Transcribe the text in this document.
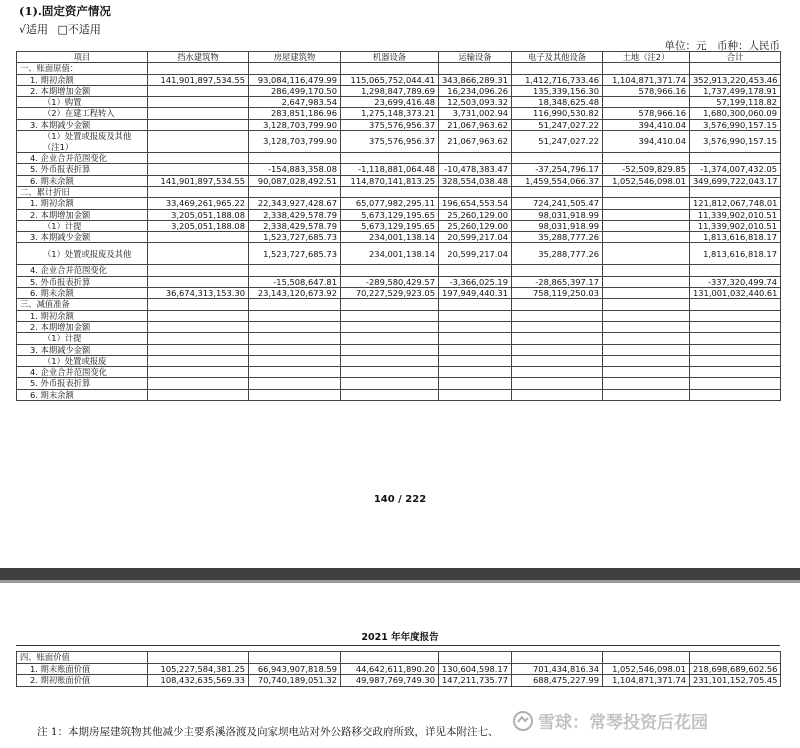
(1).固定资产情况
√适用 □不适用
单位：元　币种：人民币
项目	挡水建筑物	房屋建筑物	机器设备	运输设备	电子及其他设备	土地（注2）	合计
一、账面原值：							
1. 期初余额	141,901,897,534.55	93,084,116,479.99	115,065,752,044.41	343,866,289.31	1,412,716,733.46	1,104,871,371.74	352,913,220,453.46
2. 本期增加金额		286,499,170.50	1,298,847,789.69	16,234,096.26	135,339,156.30	578,966.16	1,737,499,178.91
（1）购置		2,647,983.54	23,699,416.48	12,503,093.32	18,348,625.48		57,199,118.82
（2）在建工程转入		283,851,186.96	1,275,148,373.21	3,731,002.94	116,990,530.82	578,966.16	1,680,300,060.09
3. 本期减少金额		3,128,703,799.90	375,576,956.37	21,067,963.62	51,247,027.22	394,410.04	3,576,990,157.15
（1）处置或报废及其他（注1）		3,128,703,799.90	375,576,956.37	21,067,963.62	51,247,027.22	394,410.04	3,576,990,157.15
4. 企业合并范围变化							
5. 外币报表折算		-154,883,358.08	-1,118,881,064.48	-10,478,383.47	-37,254,796.17	-52,509,829.85	-1,374,007,432.05
6. 期末余额	141,901,897,534.55	90,087,028,492.51	114,870,141,813.25	328,554,038.48	1,459,554,066.37	1,052,546,098.01	349,699,722,043.17
二、累计折旧							
1. 期初余额	33,469,261,965.22	22,343,927,428.67	65,077,982,295.11	196,654,553.54	724,241,505.47		121,812,067,748.01
2. 本期增加金额	3,205,051,188.08	2,338,429,578.79	5,673,129,195.65	25,260,129.00	98,031,918.99		11,339,902,010.51
（1）计提	3,205,051,188.08	2,338,429,578.79	5,673,129,195.65	25,260,129.00	98,031,918.99		11,339,902,010.51
3. 本期减少金额		1,523,727,685.73	234,001,138.14	20,599,217.04	35,288,777.26		1,813,616,818.17
（1）处置或报废及其他		1,523,727,685.73	234,001,138.14	20,599,217.04	35,288,777.26		1,813,616,818.17
4. 企业合并范围变化							
5. 外币报表折算		-15,508,647.81	-289,580,429.57	-3,366,025.19	-28,865,397.17		-337,320,499.74
6. 期末余额	36,674,313,153.30	23,143,120,673.92	70,227,529,923.05	197,949,440.31	758,119,250.03		131,001,032,440.61
三、减值准备							
1. 期初余额							
2. 本期增加金额							
（1）计提							
3. 本期减少金额							
（1）处置或报废							
4. 企业合并范围变化							
5. 外币报表折算							
6. 期末余额							
140 / 222
2021 年年度报告
四、账面价值							
1. 期末账面价值	105,227,584,381.25	66,943,907,818.59	44,642,611,890.20	130,604,598.17	701,434,816.34	1,052,546,098.01	218,698,689,602.56
2. 期初账面价值	108,432,635,569.33	70,740,189,051.32	49,987,769,749.30	147,211,735.77	688,475,227.99	1,104,871,371.74	231,101,152,705.45
注 1：本期房屋建筑物其他减少主要系溪洛渡及向家坝电站对外公路移交政府所致，详见本附注七、 雪球：常琴投资后花园
